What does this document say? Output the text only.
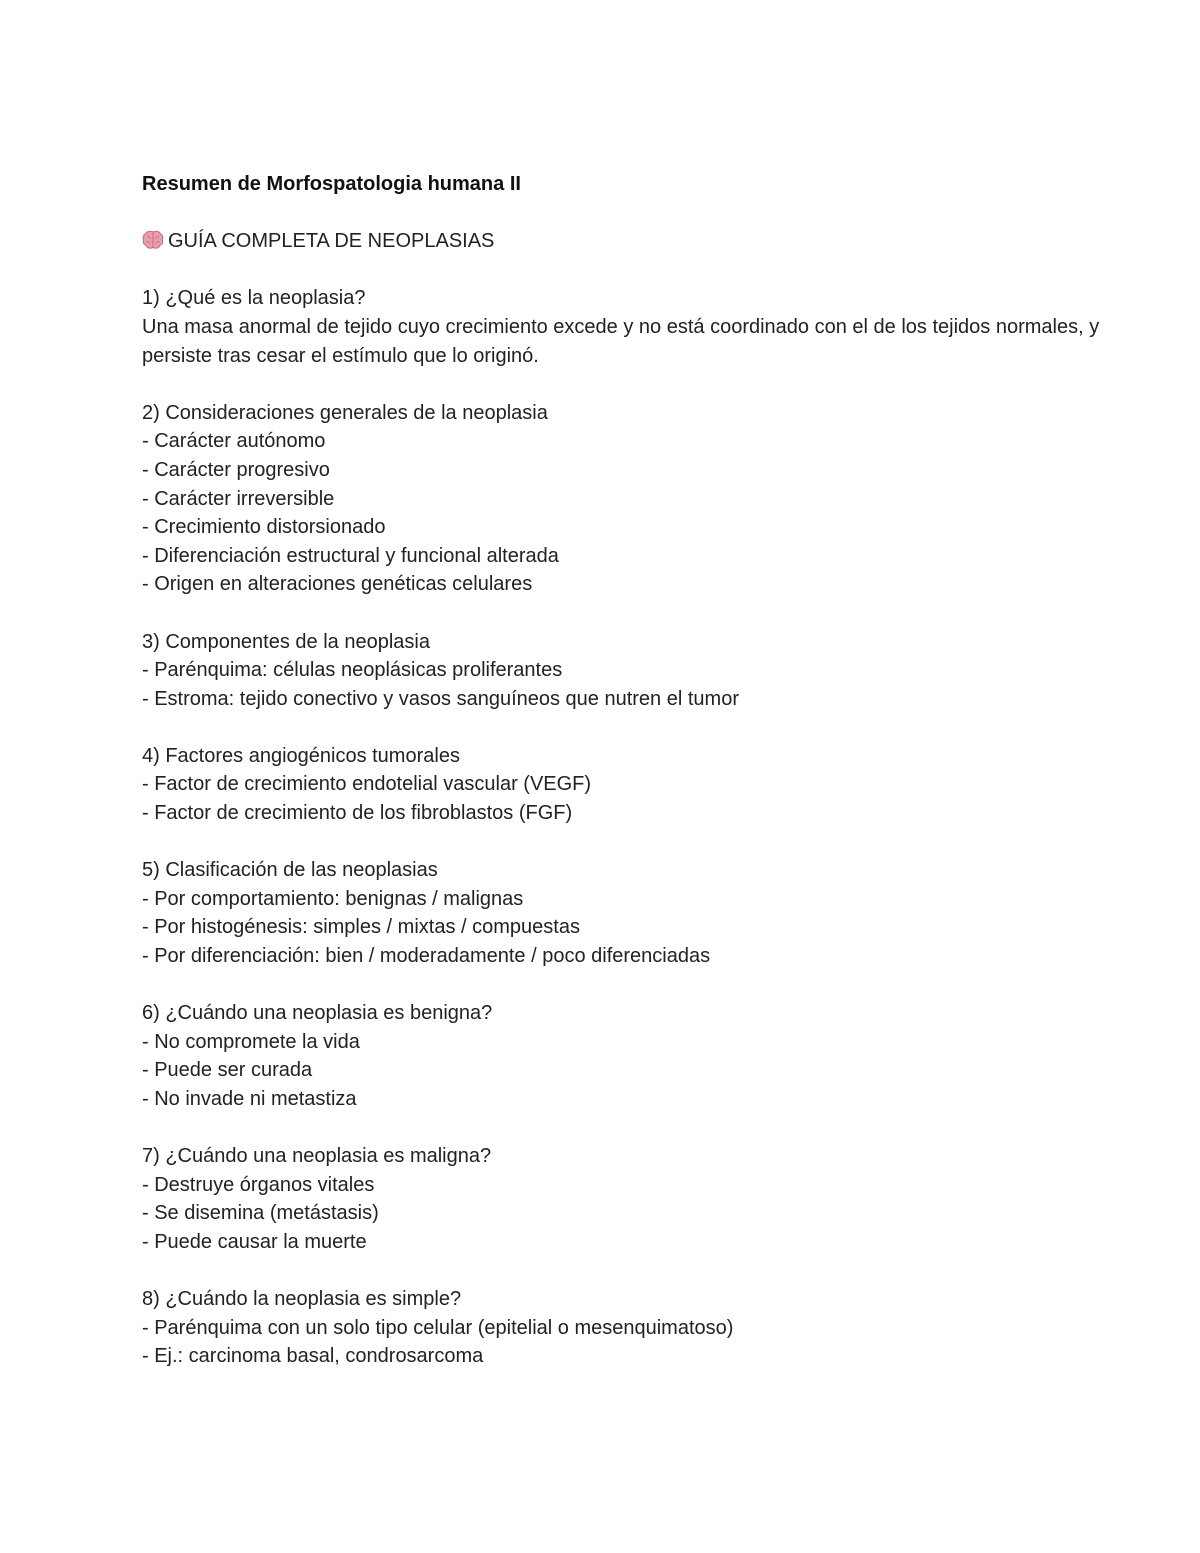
Resumen de Morfospatologia humana II

GUÍA COMPLETA DE NEOPLASIAS

1) ¿Qué es la neoplasia?

Una masa anormal de tejido cuyo crecimiento excede y no está coordinado con el de los tejidos normales, y persiste tras cesar el estímulo que lo originó.

2) Consideraciones generales de la neoplasia

- Carácter autónomo

- Carácter progresivo

- Carácter irreversible

- Crecimiento distorsionado

- Diferenciación estructural y funcional alterada

- Origen en alteraciones genéticas celulares

3) Componentes de la neoplasia

- Parénquima: células neoplásicas proliferantes

- Estroma: tejido conectivo y vasos sanguíneos que nutren el tumor

4) Factores angiogénicos tumorales

- Factor de crecimiento endotelial vascular (VEGF)

- Factor de crecimiento de los fibroblastos (FGF)

5) Clasificación de las neoplasias

- Por comportamiento: benignas / malignas

- Por histogénesis: simples / mixtas / compuestas

- Por diferenciación: bien / moderadamente / poco diferenciadas

6) ¿Cuándo una neoplasia es benigna?

- No compromete la vida

- Puede ser curada

- No invade ni metastiza

7) ¿Cuándo una neoplasia es maligna?

- Destruye órganos vitales

- Se disemina (metástasis)

- Puede causar la muerte

8) ¿Cuándo la neoplasia es simple?

- Parénquima con un solo tipo celular (epitelial o mesenquimatoso)

- Ej.: carcinoma basal, condrosarcoma
